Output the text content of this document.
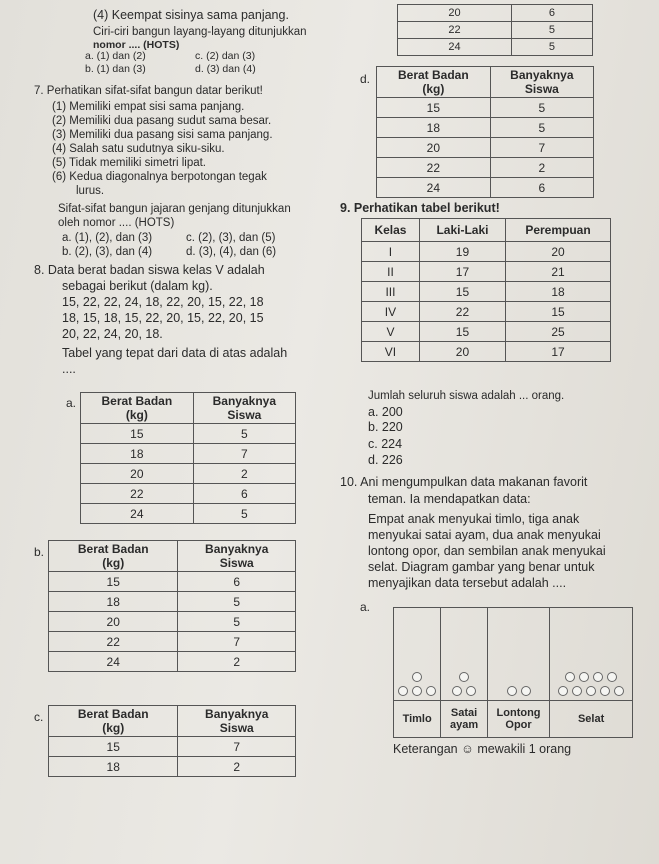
(4) Keempat sisinya sama panjang.
Ciri-ciri bangun layang-layang ditunjukkan
nomor .... (HOTS)
a. (1) dan (2)	c. (2) dan (3)
b. (1) dan (3)	d. (3) dan (4)
7. Perhatikan sifat-sifat bangun datar berikut!
(1) Memiliki empat sisi sama panjang.
(2) Memiliki dua pasang sudut sama besar.
(3) Memiliki dua pasang sisi sama panjang.
(4) Salah satu sudutnya siku-siku.
(5) Tidak memiliki simetri lipat.
(6) Kedua diagonalnya berpotongan tegak
lurus.
Sifat-sifat bangun jajaran genjang ditunjukkan
oleh nomor .... (HOTS)
a. (1), (2), dan (3)	c. (2), (3), dan (5)
b. (2), (3), dan (4)	d. (3), (4), dan (6)
8. Data berat badan siswa kelas V adalah
sebagai berikut (dalam kg).
15, 22, 22, 24, 18, 22, 20, 15, 22, 18
18, 15, 18, 15, 22, 20, 15, 22, 20, 15
20, 22, 24, 20, 18.
Tabel yang tepat dari data di atas adalah
....
20	6
22	5
24	5
a. Berat Badan
(kg)	Banyaknya
Siswa
15	5
18	7
20	2
22	6
24	5
b.	Berat Badan
(kg)	Banyaknya
Siswa
15	6
18	5
20	5
22	7
24	2
c.	Berat Badan
(kg)	Banyaknya
Siswa
15	7
18	2
d. Berat Badan
(kg)	Banyaknya
Siswa
15	5
18	5
20	7
22	2
24	6
9. Perhatikan tabel berikut!
Kelas	Laki-Laki	Perempuan
I	19	20
II	17	21
III	15	18
IV	22	15
V	15	25
VI	20	17
Jumlah seluruh siswa adalah ... orang.
a. 200
b. 220
c. 224
d. 226
10. Ani mengumpulkan data makanan favorit
teman. Ia mendapatkan data:
Empat anak menyukai timlo, tiga anak
menyukai satai ayam, dua anak menyukai
lontong opor, dan sembilan anak menyukai
selat. Diagram gambar yang benar untuk
menyajikan data tersebut adalah ....
a.

Timlo	Satai ayam	Lontong Opor	Selat
Keterangan ☺ mewakili 1 orang
